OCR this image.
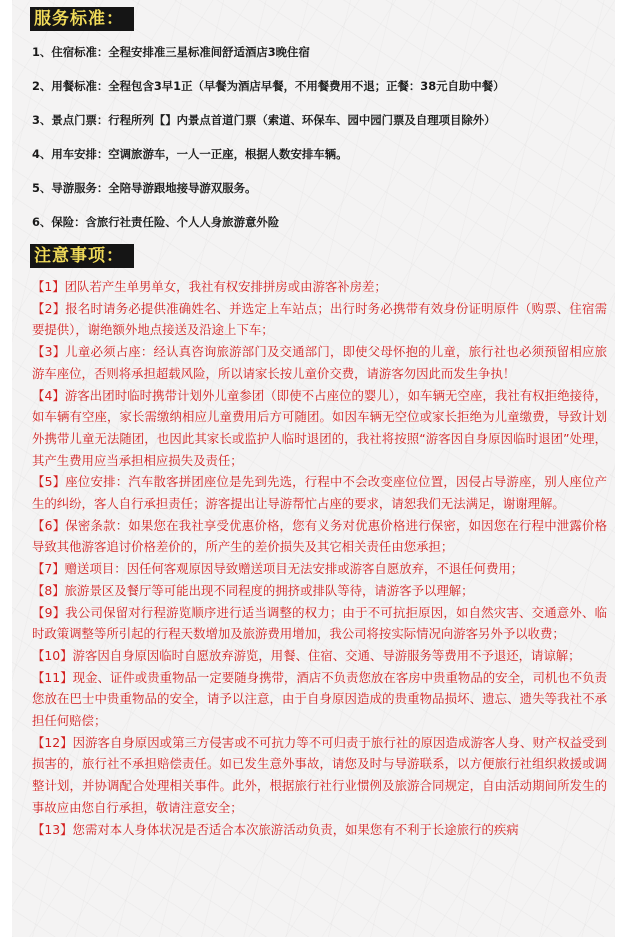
服务标准：
1、住宿标准：全程安排准三星标准间舒适酒店3晚住宿
2、用餐标准：全程包含3早1正（早餐为酒店早餐，不用餐费用不退；正餐：38元自助中餐）
3、景点门票：行程所列【】内景点首道门票（索道、环保车、园中园门票及自理项目除外）
4、用车安排：空调旅游车，一人一正座，根据人数安排车辆。
5、导游服务：全陪导游跟地接导游双服务。
6、保险：含旅行社责任险、个人人身旅游意外险
注意事项：
【1】团队若产生单男单女，我社有权安排拼房或由游客补房差；
【2】报名时请务必提供准确姓名、并选定上车站点；出行时务必携带有效身份证明原件（购票、住宿需要提供），谢绝额外地点接送及沿途上下车；
【3】儿童必须占座：经认真咨询旅游部门及交通部门，即使父母怀抱的儿童，旅行社也必须预留相应旅游车座位，否则将承担超载风险，所以请家长按儿童价交费，请游客勿因此而发生争执！
【4】游客出团时临时携带计划外儿童参团（即使不占座位的婴儿），如车辆无空座，我社有权拒绝接待，如车辆有空座，家长需缴纳相应儿童费用后方可随团。如因车辆无空位或家长拒绝为儿童缴费，导致计划外携带儿童无法随团，也因此其家长或监护人临时退团的，我社将按照“游客因自身原因临时退团”处理，其产生费用应当承担相应损失及责任；
【5】座位安排：汽车散客拼团座位是先到先选，行程中不会改变座位位置，因侵占导游座，别人座位产生的纠纷，客人自行承担责任；游客提出让导游帮忙占座的要求，请恕我们无法满足，谢谢理解。
【6】保密条款：如果您在我社享受优惠价格，您有义务对优惠价格进行保密，如因您在行程中泄露价格导致其他游客追讨价格差价的，所产生的差价损失及其它相关责任由您承担；
【7】赠送项目：因任何客观原因导致赠送项目无法安排或游客自愿放弃，不退任何费用；
【8】旅游景区及餐厅等可能出现不同程度的拥挤或排队等待，请游客予以理解；
【9】我公司保留对行程游览顺序进行适当调整的权力；由于不可抗拒原因，如自然灾害、交通意外、临时政策调整等所引起的行程天数增加及旅游费用增加，我公司将按实际情况向游客另外予以收费；
【10】游客因自身原因临时自愿放弃游览，用餐、住宿、交通、导游服务等费用不予退还，请谅解；
【11】现金、证件或贵重物品一定要随身携带，酒店不负责您放在客房中贵重物品的安全，司机也不负责您放在巴士中贵重物品的安全，请予以注意，由于自身原因造成的贵重物品损坏、遗忘、遗失等我社不承担任何赔偿；
【12】因游客自身原因或第三方侵害或不可抗力等不可归责于旅行社的原因造成游客人身、财产权益受到损害的，旅行社不承担赔偿责任。如已发生意外事故，请您及时与导游联系，以方便旅行社组织救援或调整计划，并协调配合处理相关事件。此外，根据旅行社行业惯例及旅游合同规定，自由活动期间所发生的事故应由您自行承担，敬请注意安全；
【13】您需对本人身体状况是否适合本次旅游活动负责，如果您有不利于长途旅行的疾病
